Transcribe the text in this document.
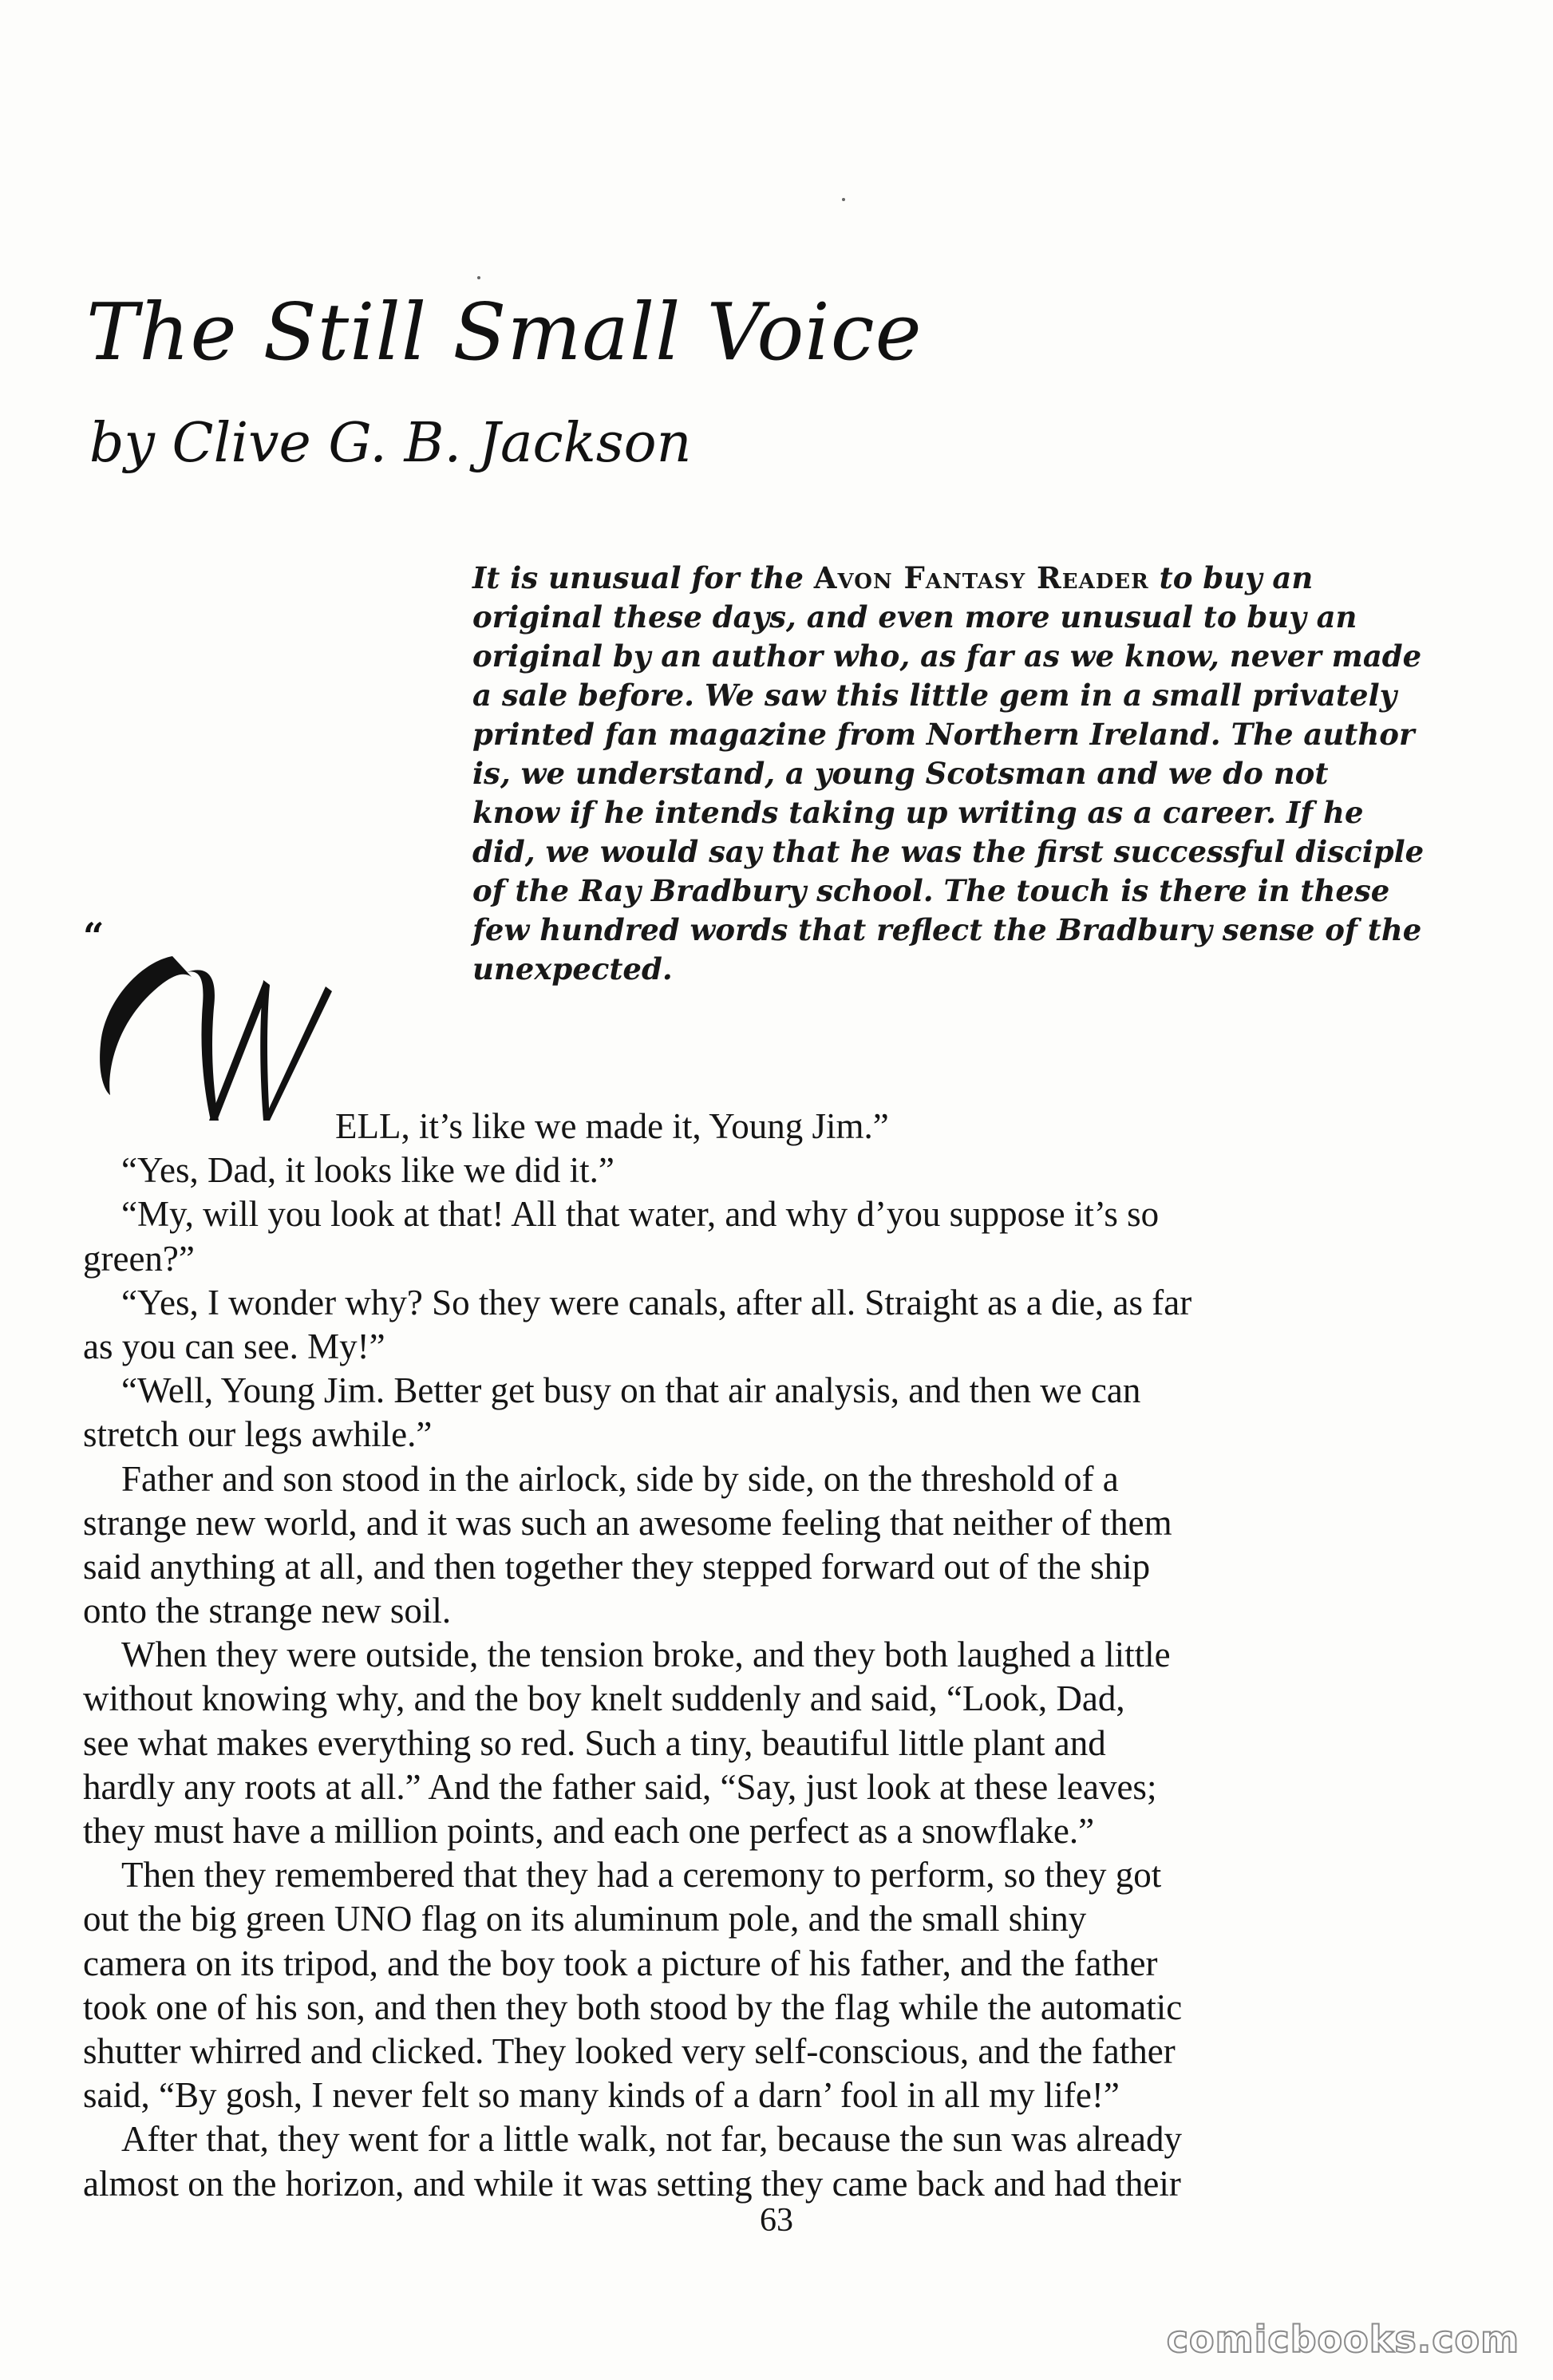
The Still Small Voice
by Clive G. B. Jackson
It is unusual for the Avon Fantasy Reader to buy an
original these days, and even more unusual to buy an
original by an author who, as far as we know, never made
a sale before. We saw this little gem in a small privately
printed fan magazine from Northern Ireland. The author
is, we understand, a young Scotsman and we do not
know if he intends taking up writing as a career. If he
did, we would say that he was the first successful disciple
of the Ray Bradbury school. The touch is there in these
few hundred words that reflect the Bradbury sense of the
unexpected.
“
ELL, it’s like we made it, Young Jim.”
“Yes, Dad, it looks like we did it.”
“My, will you look at that! All that water, and why d’you suppose it’s so
green?”
“Yes, I wonder why? So they were canals, after all. Straight as a die, as far
as you can see. My!”
“Well, Young Jim. Better get busy on that air analysis, and then we can
stretch our legs awhile.”
Father and son stood in the airlock, side by side, on the threshold of a
strange new world, and it was such an awesome feeling that neither of them
said anything at all, and then together they stepped forward out of the ship
onto the strange new soil.
When they were outside, the tension broke, and they both laughed a little
without knowing why, and the boy knelt suddenly and said, “Look, Dad,
see what makes everything so red. Such a tiny, beautiful little plant and
hardly any roots at all.” And the father said, “Say, just look at these leaves;
they must have a million points, and each one perfect as a snowflake.”
Then they remembered that they had a ceremony to perform, so they got
out the big green UNO flag on its aluminum pole, and the small shiny
camera on its tripod, and the boy took a picture of his father, and the father
took one of his son, and then they both stood by the flag while the automatic
shutter whirred and clicked. They looked very self-conscious, and the father
said, “By gosh, I never felt so many kinds of a darn’ fool in all my life!”
After that, they went for a little walk, not far, because the sun was already
almost on the horizon, and while it was setting they came back and had their
63
comicbooks.com
